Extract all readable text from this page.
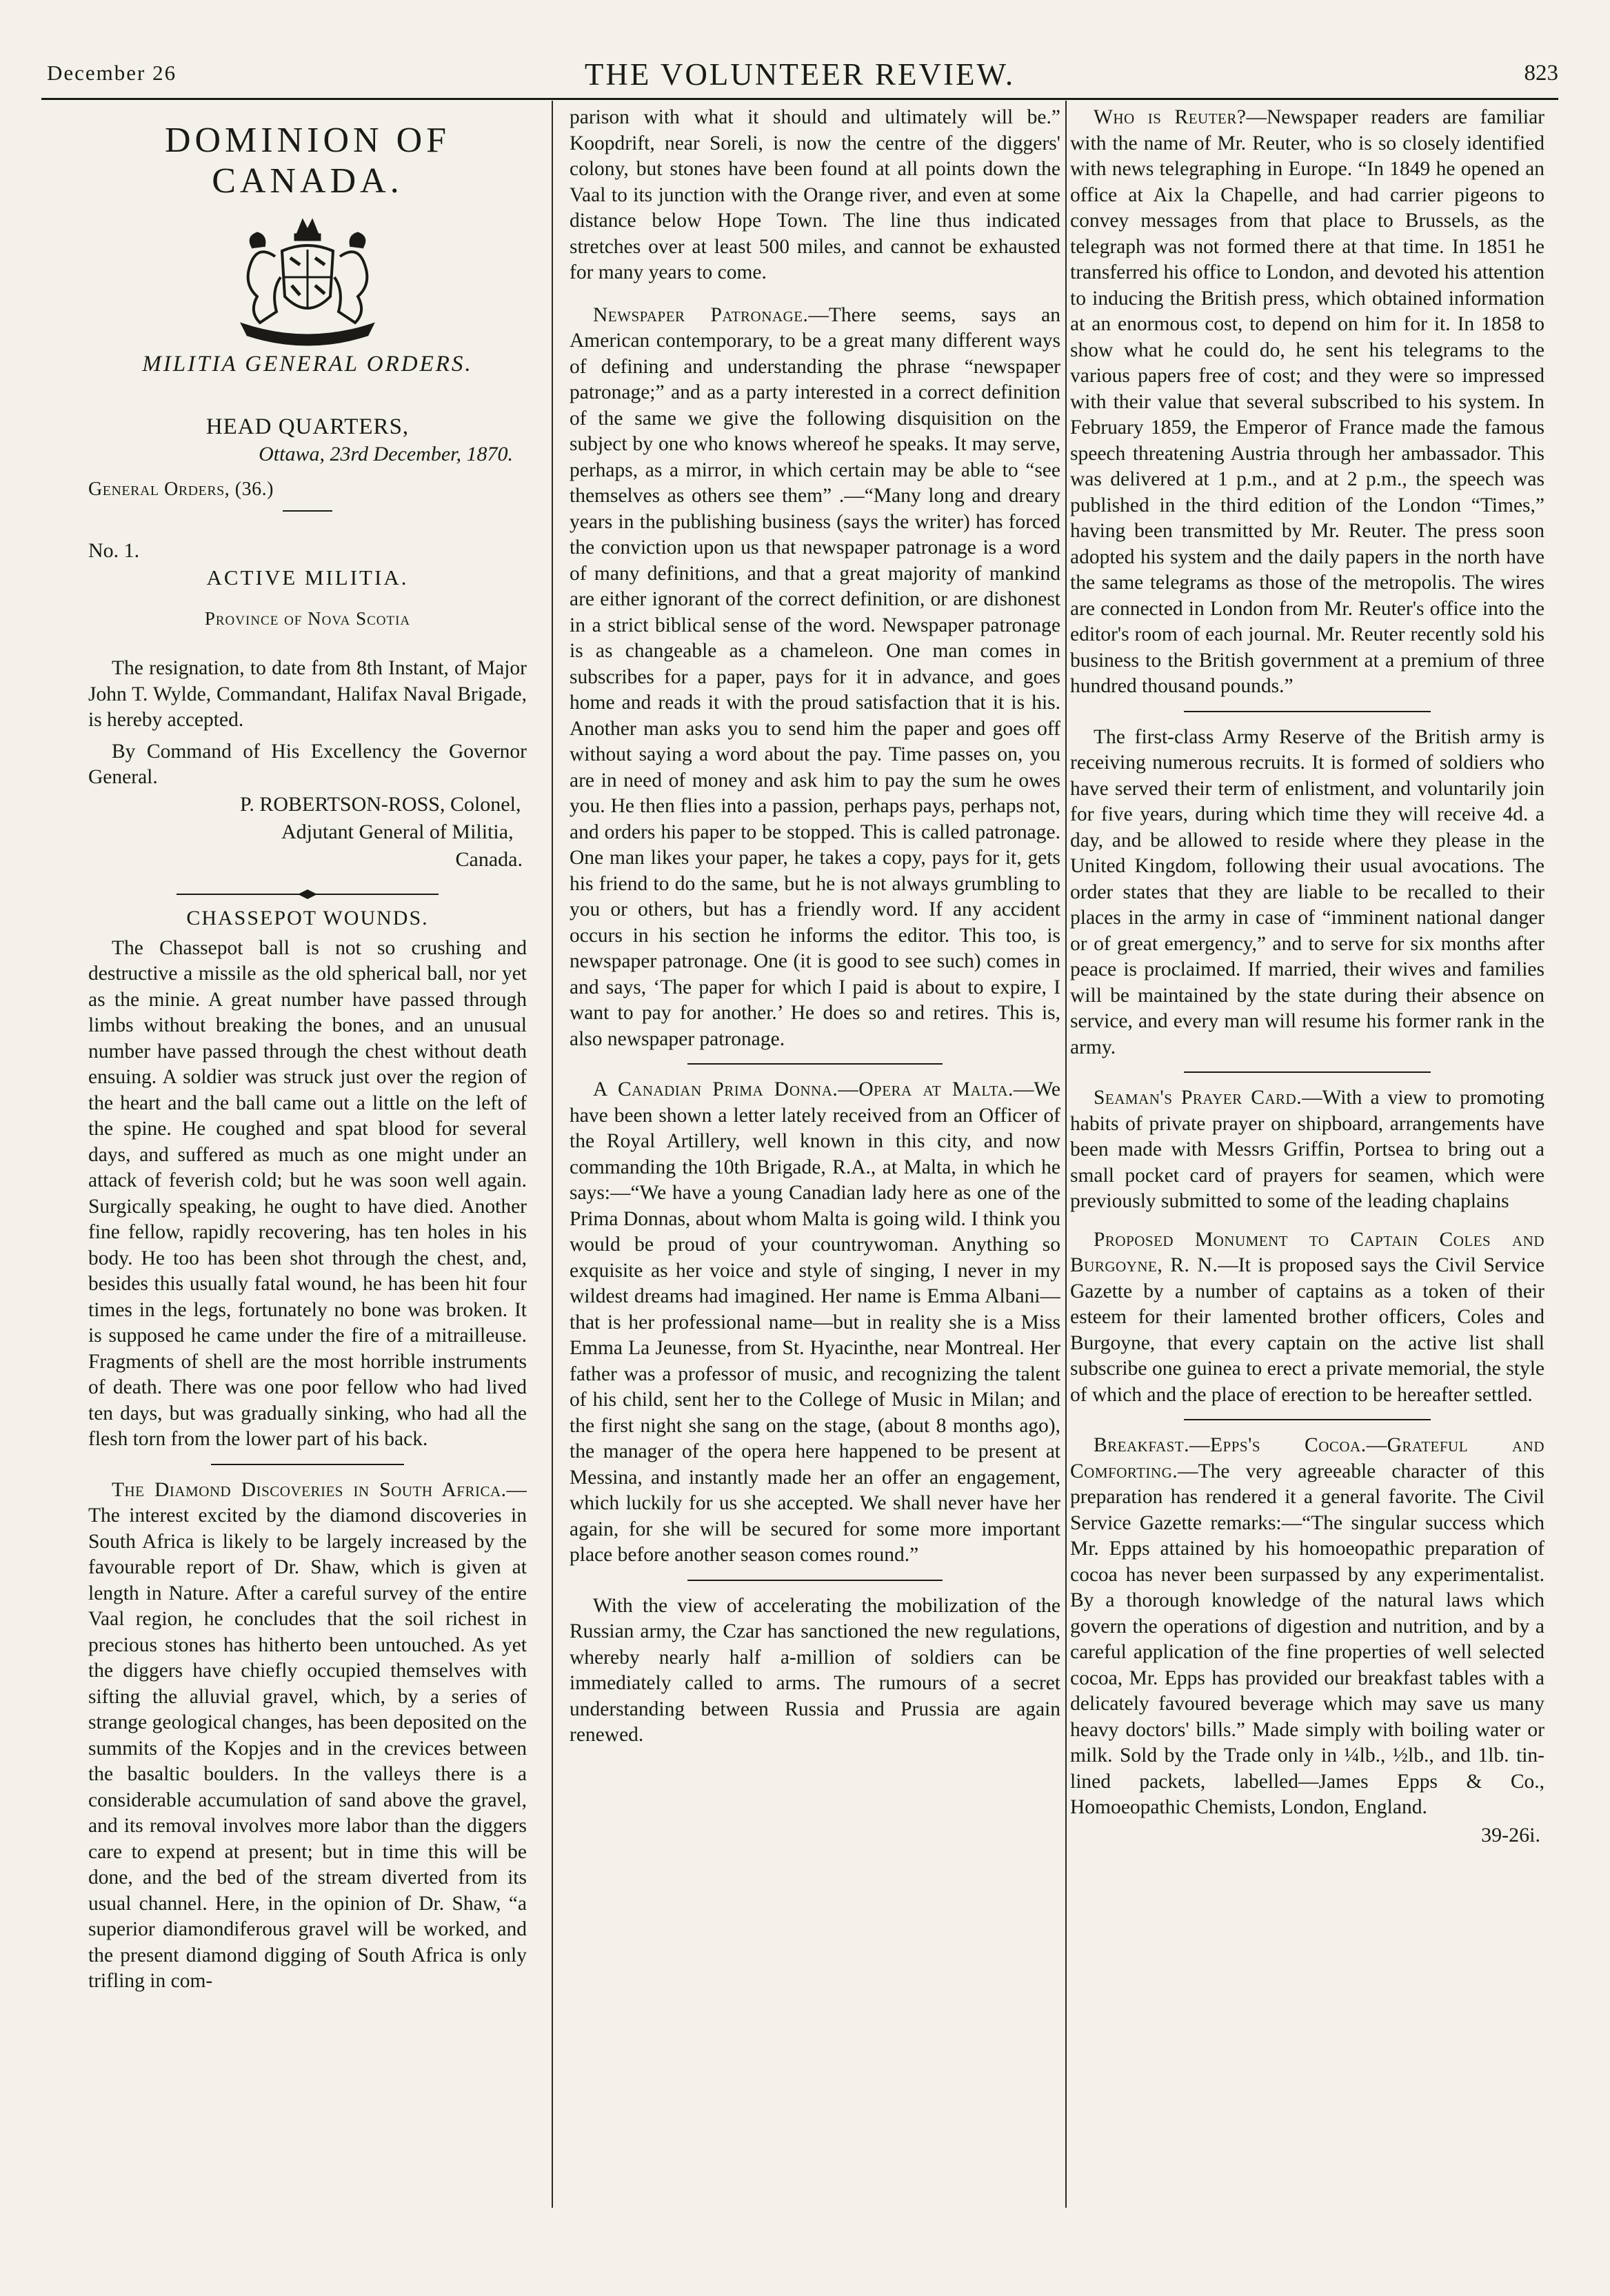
December 26	THE VOLUNTEER REVIEW.	823
DOMINION OF CANADA.
MILITIA GENERAL ORDERS.
HEAD QUARTERS,
Ottawa, 23rd December, 1870.
General Orders, (36.)
No. 1.
ACTIVE MILITIA.
Province of Nova Scotia

The resignation, to date from 8th Instant, of Major John T. Wylde, Commandant, Halifax Naval Brigade, is hereby accepted.

By Command of His Excellency the Governor General.

P. ROBERTSON-ROSS, Colonel,
Adjutant General of Militia,
Canada.
CHASSEPOT WOUNDS.

The Chassepot ball is not so crushing and destructive a missile as the old spherical ball, nor yet as the minie. A great number have passed through limbs without breaking the bones, and an unusual number have passed through the chest without death ensuing. A soldier was struck just over the region of the heart and the ball came out a little on the left of the spine. He coughed and spat blood for several days, and suffered as much as one might under an attack of feverish cold; but he was soon well again. Surgically speaking, he ought to have died. Another fine fellow, rapidly recovering, has ten holes in his body. He too has been shot through the chest, and, besides this usually fatal wound, he has been hit four times in the legs, fortunately no bone was broken. It is supposed he came under the fire of a mitrailleuse. Fragments of shell are the most horrible instruments of death. There was one poor fellow who had lived ten days, but was gradually sinking, who had all the flesh torn from the lower part of his back.

The Diamond Discoveries in South Africa.—The interest excited by the diamond discoveries in South Africa is likely to be largely increased by the favourable report of Dr. Shaw, which is given at length in Nature. After a careful survey of the entire Vaal region, he concludes that the soil richest in precious stones has hitherto been untouched. As yet the diggers have chiefly occupied themselves with sifting the alluvial gravel, which, by a series of strange geological changes, has been deposited on the summits of the Kopjes and in the crevices between the basaltic boulders. In the valleys there is a considerable accumulation of sand above the gravel, and its removal involves more labor than the diggers care to expend at present; but in time this will be done, and the bed of the stream diverted from its usual channel. Here, in the opinion of Dr. Shaw, “a superior diamondiferous gravel will be worked, and the present diamond digging of South Africa is only trifling in com-

parison with what it should and ultimately will be.” Koopdrift, near Soreli, is now the centre of the diggers' colony, but stones have been found at all points down the Vaal to its junction with the Orange river, and even at some distance below Hope Town. The line thus indicated stretches over at least 500 miles, and cannot be exhausted for many years to come.

Newspaper Patronage.—There seems, says an American contemporary, to be a great many different ways of defining and understanding the phrase “newspaper patronage;” and as a party interested in a correct definition of the same we give the following disquisition on the subject by one who knows whereof he speaks. It may serve, perhaps, as a mirror, in which certain may be able to “see themselves as others see them” .—“Many long and dreary years in the publishing business (says the writer) has forced the conviction upon us that newspaper patronage is a word of many definitions, and that a great majority of mankind are either ignorant of the correct definition, or are dishonest in a strict biblical sense of the word. Newspaper patronage is as changeable as a chameleon. One man comes in subscribes for a paper, pays for it in advance, and goes home and reads it with the proud satisfaction that it is his. Another man asks you to send him the paper and goes off without saying a word about the pay. Time passes on, you are in need of money and ask him to pay the sum he owes you. He then flies into a passion, perhaps pays, perhaps not, and orders his paper to be stopped. This is called patronage. One man likes your paper, he takes a copy, pays for it, gets his friend to do the same, but he is not always grumbling to you or others, but has a friendly word. If any accident occurs in his section he informs the editor. This too, is newspaper patronage. One (it is good to see such) comes in and says, ‘The paper for which I paid is about to expire, I want to pay for another.’ He does so and retires. This is, also newspaper patronage.

A Canadian Prima Donna.—Opera at Malta.—We have been shown a letter lately received from an Officer of the Royal Artillery, well known in this city, and now commanding the 10th Brigade, R.A., at Malta, in which he says:—“We have a young Canadian lady here as one of the Prima Donnas, about whom Malta is going wild. I think you would be proud of your countrywoman. Anything so exquisite as her voice and style of singing, I never in my wildest dreams had imagined. Her name is Emma Albani—that is her professional name—but in reality she is a Miss Emma La Jeunesse, from St. Hyacinthe, near Montreal. Her father was a professor of music, and recognizing the talent of his child, sent her to the College of Music in Milan; and the first night she sang on the stage, (about 8 months ago), the manager of the opera here happened to be present at Messina, and instantly made her an offer an engagement, which luckily for us she accepted. We shall never have her again, for she will be secured for some more important place before another season comes round.”

With the view of accelerating the mobilization of the Russian army, the Czar has sanctioned the new regulations, whereby nearly half a-million of soldiers can be immediately called to arms. The rumours of a secret understanding between Russia and Prussia are again renewed.

Who is Reuter?—Newspaper readers are familiar with the name of Mr. Reuter, who is so closely identified with news telegraphing in Europe. “In 1849 he opened an office at Aix la Chapelle, and had carrier pigeons to convey messages from that place to Brussels, as the telegraph was not formed there at that time. In 1851 he transferred his office to London, and devoted his attention to inducing the British press, which obtained information at an enormous cost, to depend on him for it. In 1858 to show what he could do, he sent his telegrams to the various papers free of cost; and they were so impressed with their value that several subscribed to his system. In February 1859, the Emperor of France made the famous speech threatening Austria through her ambassador. This was delivered at 1 p.m., and at 2 p.m., the speech was published in the third edition of the London “Times,” having been transmitted by Mr. Reuter. The press soon adopted his system and the daily papers in the north have the same telegrams as those of the metropolis. The wires are connected in London from Mr. Reuter's office into the editor's room of each journal. Mr. Reuter recently sold his business to the British government at a premium of three hundred thousand pounds.”

The first-class Army Reserve of the British army is receiving numerous recruits. It is formed of soldiers who have served their term of enlistment, and voluntarily join for five years, during which time they will receive 4d. a day, and be allowed to reside where they please in the United Kingdom, following their usual avocations. The order states that they are liable to be recalled to their places in the army in case of “imminent national danger or of great emergency,” and to serve for six months after peace is proclaimed. If married, their wives and families will be maintained by the state during their absence on service, and every man will resume his former rank in the army.

Seaman's Prayer Card.—With a view to promoting habits of private prayer on shipboard, arrangements have been made with Messrs Griffin, Portsea to bring out a small pocket card of prayers for seamen, which were previously submitted to some of the leading chaplains

Proposed Monument to Captain Coles and Burgoyne, R. N.—It is proposed says the Civil Service Gazette by a number of captains as a token of their esteem for their lamented brother officers, Coles and Burgoyne, that every captain on the active list shall subscribe one guinea to erect a private memorial, the style of which and the place of erection to be hereafter settled.

Breakfast.—Epps's Cocoa.—Grateful and Comforting.—The very agreeable character of this preparation has rendered it a general favorite. The Civil Service Gazette remarks:—“The singular success which Mr. Epps attained by his homoeopathic preparation of cocoa has never been surpassed by any experimentalist. By a thorough knowledge of the natural laws which govern the operations of digestion and nutrition, and by a careful application of the fine properties of well selected cocoa, Mr. Epps has provided our breakfast tables with a delicately favoured beverage which may save us many heavy doctors' bills.” Made simply with boiling water or milk. Sold by the Trade only in ¼lb., ½lb., and 1lb. tin-lined packets, labelled—James Epps & Co., Homoeopathic Chemists, London, England.

39-26i.
